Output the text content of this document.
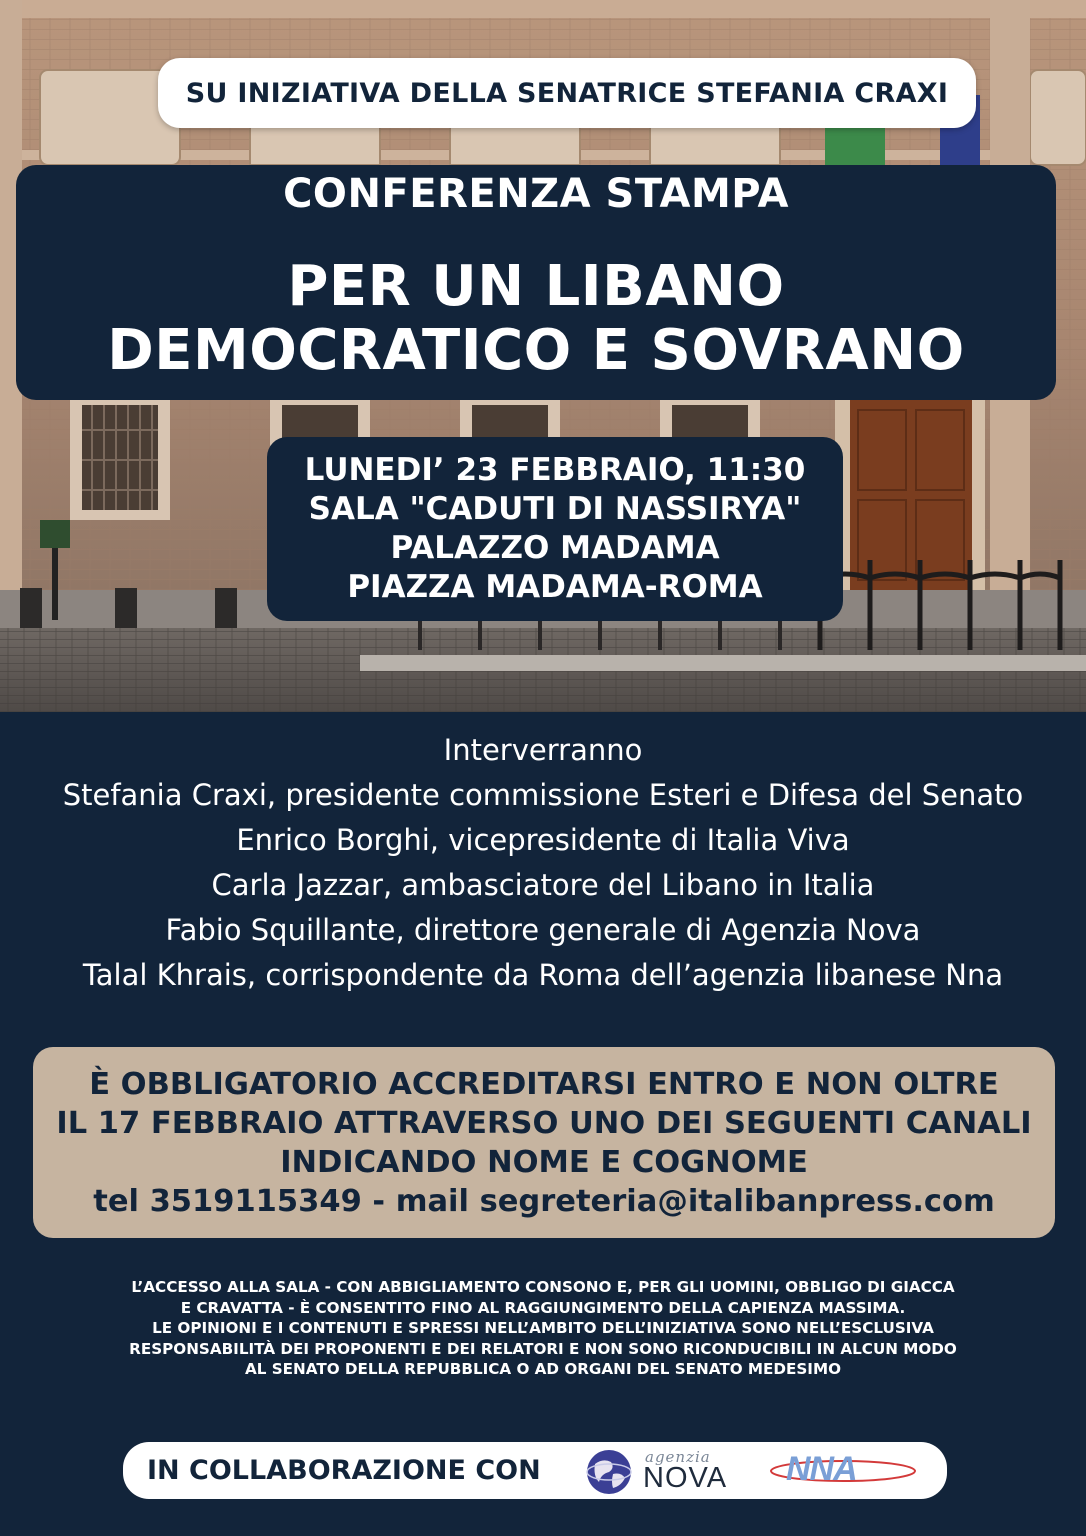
SU INIZIATIVA DELLA SENATRICE STEFANIA CRAXI
CONFERENZA STAMPA
PER UN LIBANO
DEMOCRATICO E SOVRANO
LUNEDI’ 23 FEBBRAIO, 11:30
SALA "CADUTI DI NASSIRYA"
PALAZZO MADAMA
PIAZZA MADAMA-ROMA
Interverranno
Stefania Craxi, presidente commissione Esteri e Difesa del Senato
Enrico Borghi, vicepresidente di Italia Viva
Carla Jazzar, ambasciatore del Libano in Italia
Fabio Squillante, direttore generale di Agenzia Nova
Talal Khrais, corrispondente da Roma dell’agenzia libanese Nna
È OBBLIGATORIO ACCREDITARSI ENTRO E NON OLTRE
IL 17 FEBBRAIO ATTRAVERSO UNO DEI SEGUENTI CANALI
INDICANDO NOME E COGNOME
tel 3519115349 - mail segreteria@italibanpress.com
L’ACCESSO ALLA SALA - CON ABBIGLIAMENTO CONSONO E, PER GLI UOMINI, OBBLIGO DI GIACCA
E CRAVATTA - È CONSENTITO FINO AL RAGGIUNGIMENTO DELLA CAPIENZA MASSIMA.
LE OPINIONI E I CONTENUTI E SPRESSI NELL’AMBITO DELL’INIZIATIVA SONO NELL’ESCLUSIVA
RESPONSABILITÀ DEI PROPONENTI E DEI RELATORI E NON SONO RICONDUCIBILI IN ALCUN MODO
AL SENATO DELLA REPUBBLICA O AD ORGANI DEL SENATO MEDESIMO
IN COLLABORAZIONE CON	agenzia
NOVA NNA
